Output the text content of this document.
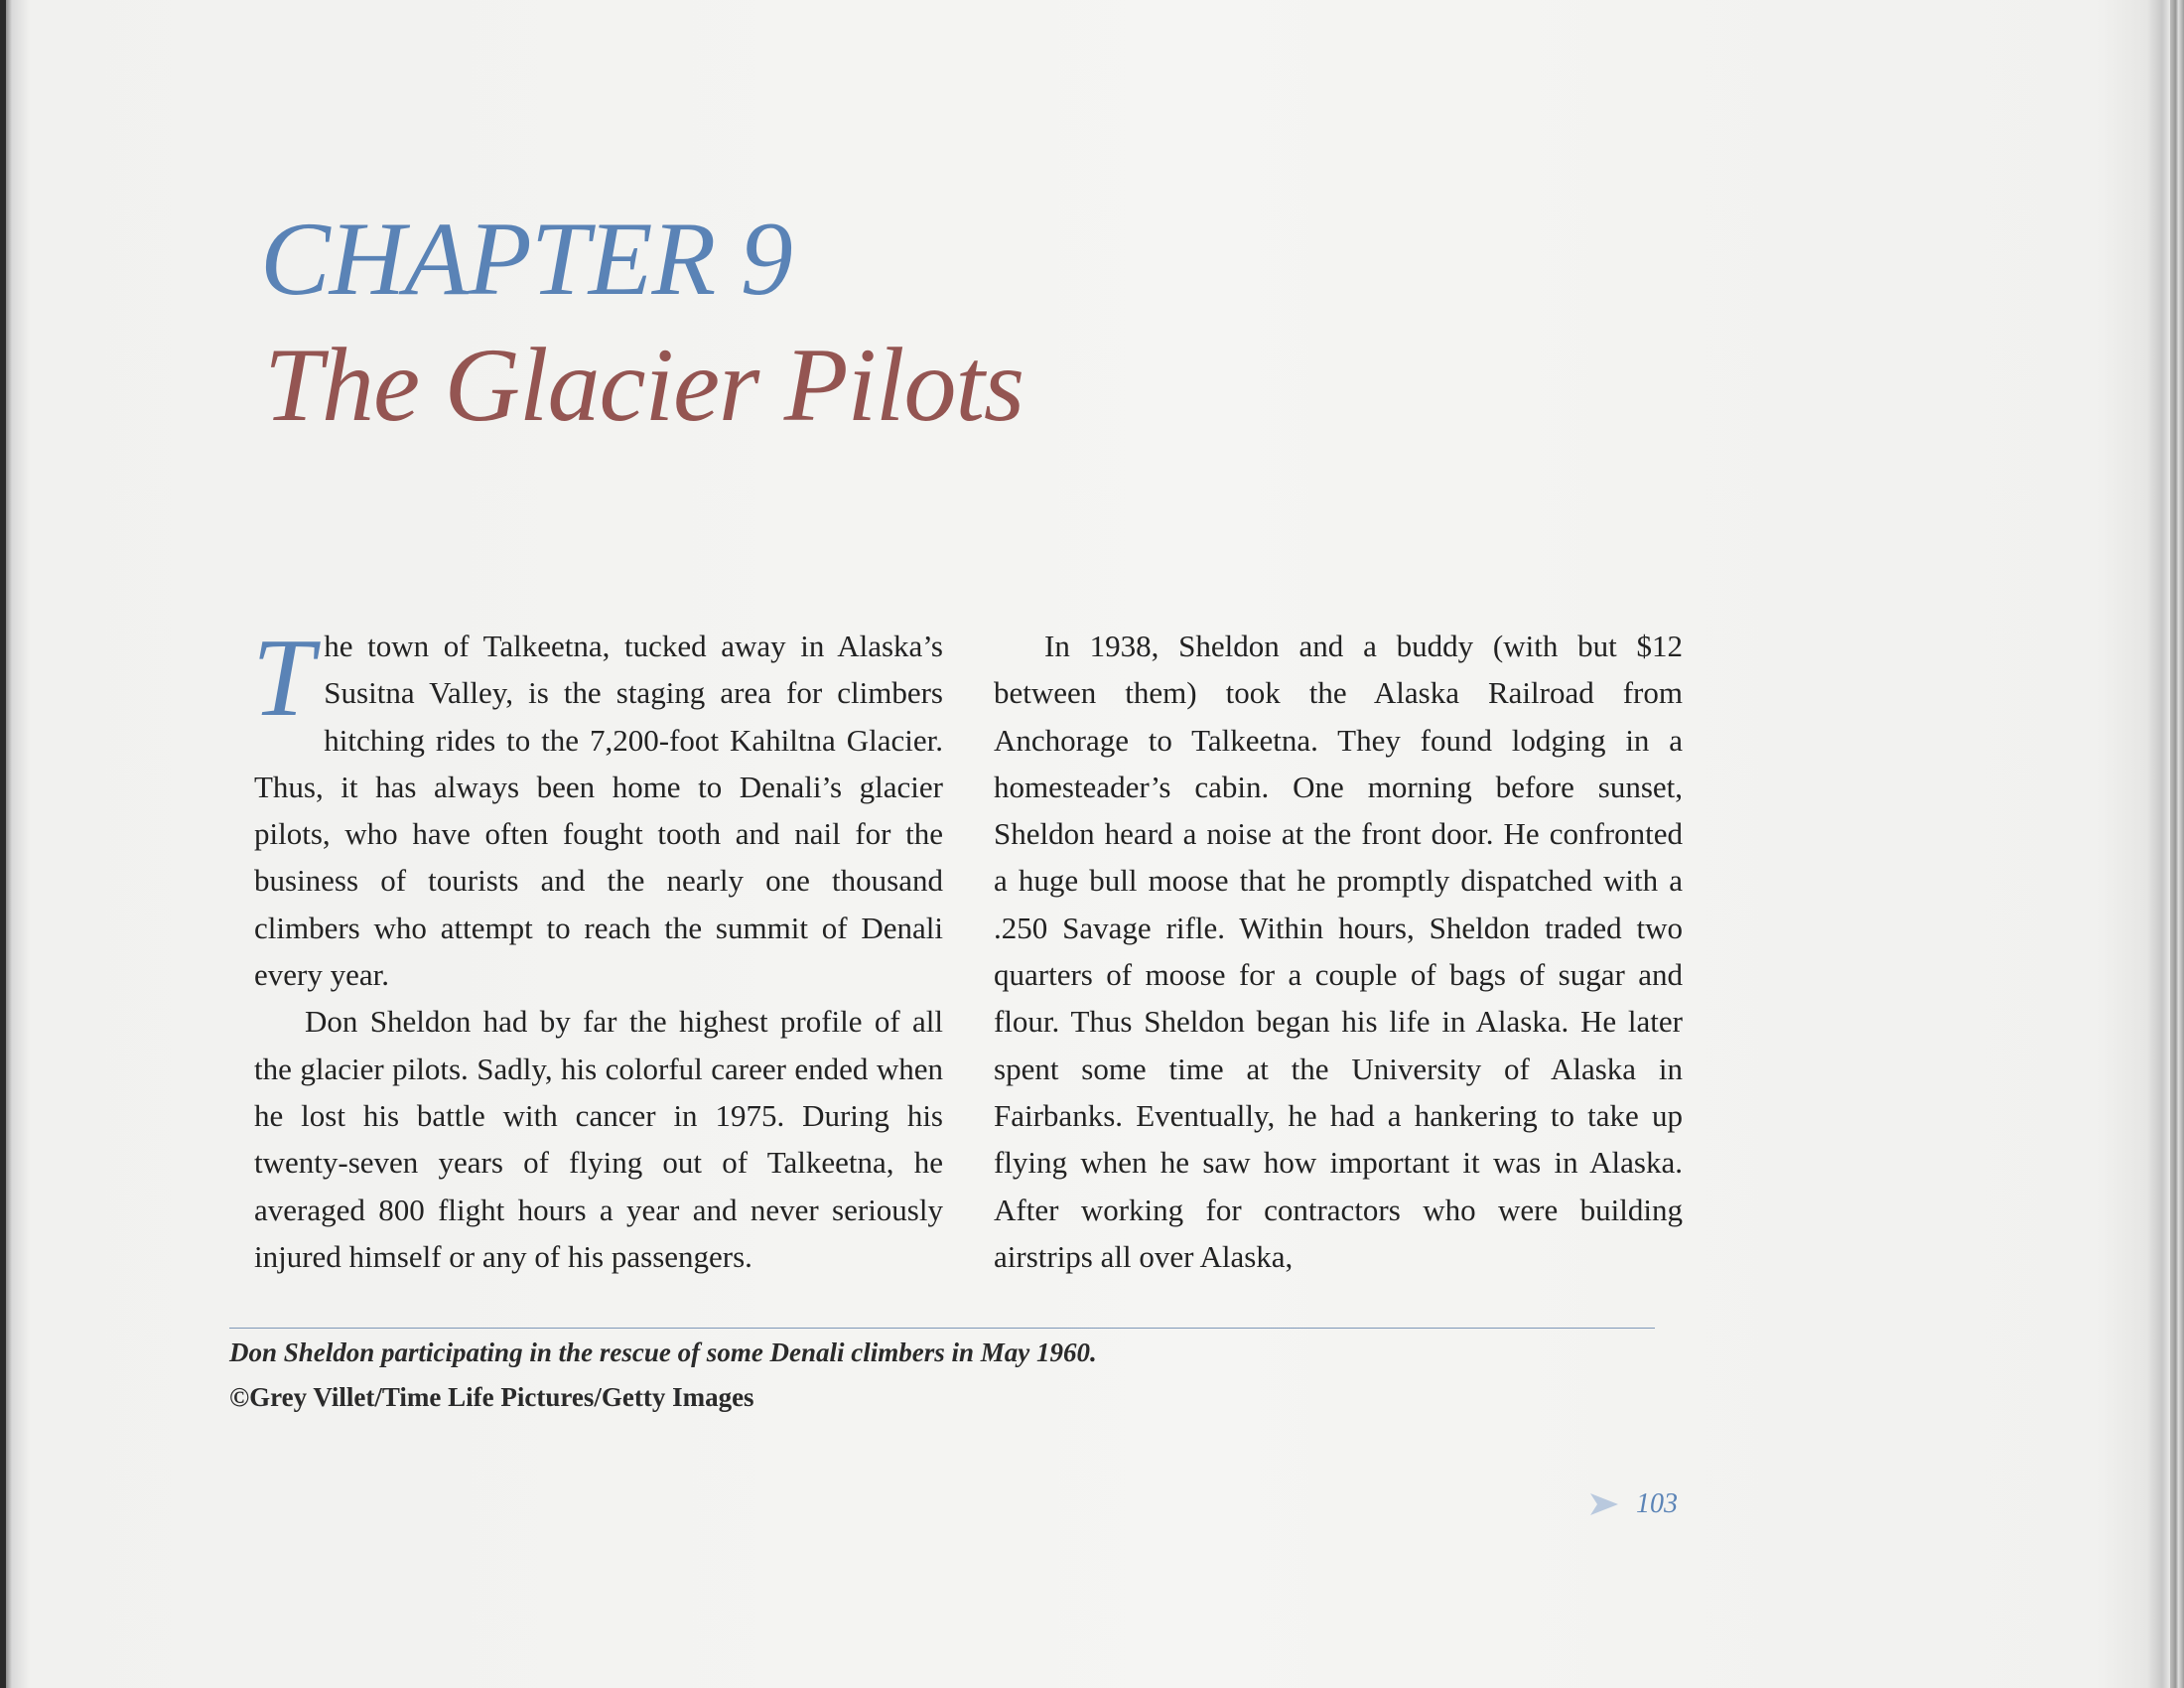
CHAPTER 9
The Glacier Pilots

The town of Talkeetna, tucked away in Alaska’s Susitna Valley, is the staging area for climbers hitching rides to the 7,200-foot Kahiltna Glacier. Thus, it has always been home to Denali’s glacier pilots, who have often fought tooth and nail for the business of tourists and the nearly one thousand climbers who attempt to reach the summit of Denali every year.

Don Sheldon had by far the highest profile of all the glacier pilots. Sadly, his colorful career ended when he lost his battle with cancer in 1975. During his twenty-seven years of flying out of Talkeetna, he averaged 800 flight hours a year and never seriously injured himself or any of his passengers.

In 1938, Sheldon and a buddy (with but $12 between them) took the Alaska Railroad from Anchorage to Talkeetna. They found lodging in a homesteader’s cabin. One morning before sunset, Sheldon heard a noise at the front door. He confronted a huge bull moose that he promptly dispatched with a .250 Savage rifle. Within hours, Sheldon traded two quarters of moose for a couple of bags of sugar and flour. Thus Sheldon began his life in Alaska. He later spent some time at the University of Alaska in Fairbanks. Eventually, he had a hankering to take up flying when he saw how important it was in Alaska. After working for contractors who were building airstrips all over Alaska,

Don Sheldon participating in the rescue of some Denali climbers in May 1960.

©Grey Villet/Time Life Pictures/Getty Images

103
